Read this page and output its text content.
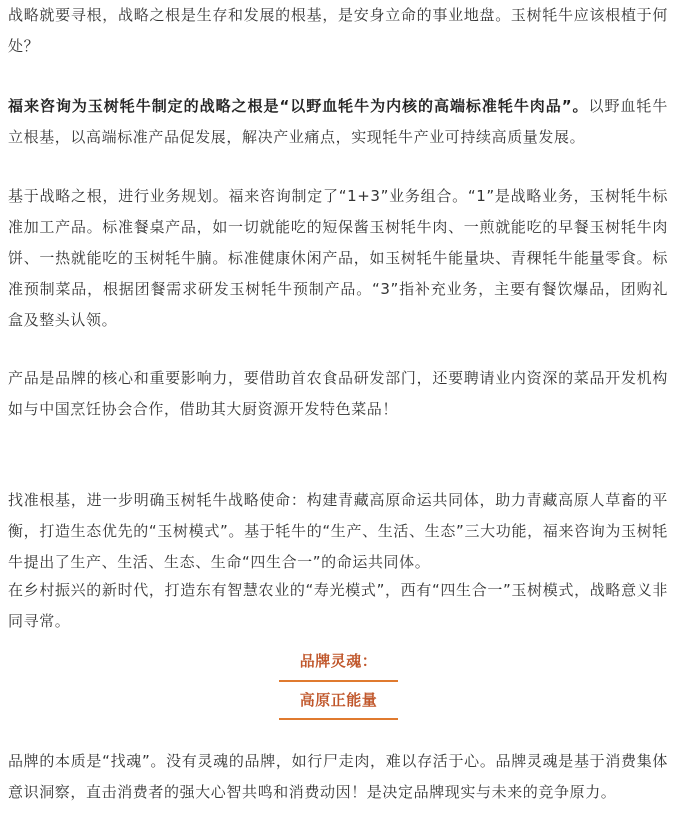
战略就要寻根，战略之根是生存和发展的根基，是安身立命的事业地盘。玉树牦牛应该根植于何处？

福来咨询为玉树牦牛制定的战略之根是“以野血牦牛为内核的高端标准牦牛肉品”。以野血牦牛立根基，以高端标准产品促发展，解决产业痛点，实现牦牛产业可持续高质量发展。

基于战略之根，进行业务规划。福来咨询制定了“1+3”业务组合。“1”是战略业务，玉树牦牛标准加工产品。标准餐桌产品，如一切就能吃的短保酱玉树牦牛肉、一煎就能吃的早餐玉树牦牛肉饼、一热就能吃的玉树牦牛腩。标准健康休闲产品，如玉树牦牛能量块、青稞牦牛能量零食。标准预制菜品，根据团餐需求研发玉树牦牛预制产品。“3”指补充业务，主要有餐饮爆品，团购礼盒及整头认领。

产品是品牌的核心和重要影响力，要借助首农食品研发部门，还要聘请业内资深的菜品开发机构如与中国烹饪协会合作，借助其大厨资源开发特色菜品！

找准根基，进一步明确玉树牦牛战略使命：构建青藏高原命运共同体，助力青藏高原人草畜的平衡，打造生态优先的“玉树模式”。基于牦牛的“生产、生活、生态”三大功能，福来咨询为玉树牦牛提出了生产、生活、生态、生命“四生合一”的命运共同体。

在乡村振兴的新时代，打造东有智慧农业的“寿光模式”，西有“四生合一”玉树模式，战略意义非同寻常。

品牌灵魂：
高原正能量

品牌的本质是“找魂”。没有灵魂的品牌，如行尸走肉，难以存活于心。品牌灵魂是基于消费集体意识洞察，直击消费者的强大心智共鸣和消费动因！是决定品牌现实与未来的竞争原力。
